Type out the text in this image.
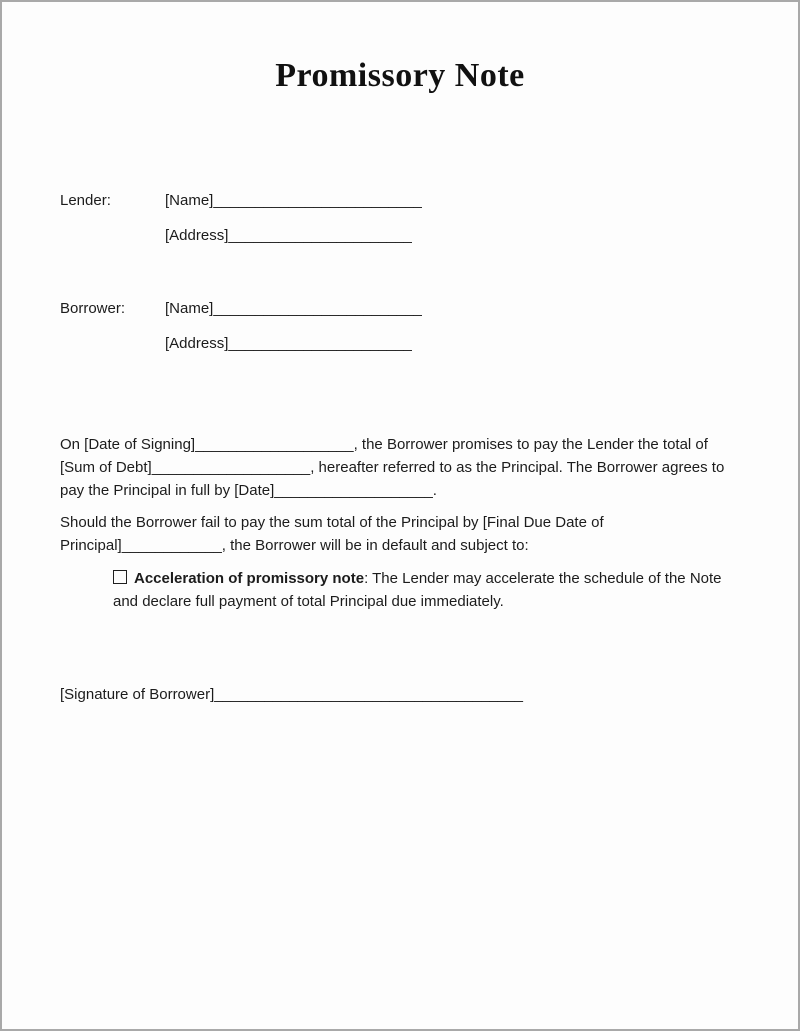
Promissory Note
Lender:	[Name]_________________________
[Address]______________________
Borrower:	[Name]_________________________
[Address]______________________

On [Date of Signing]___________________, the Borrower promises to pay the Lender the total of [Sum of Debt]___________________, hereafter referred to as the Principal. The Borrower agrees to pay the Principal in full by [Date]___________________.

Should the Borrower fail to pay the sum total of the Principal by [Final Due Date of Principal]____________, the Borrower will be in default and subject to:

Acceleration of promissory note: The Lender may accelerate the schedule of the Note and declare full payment of total Principal due immediately.
[Signature of Borrower]_____________________________________
